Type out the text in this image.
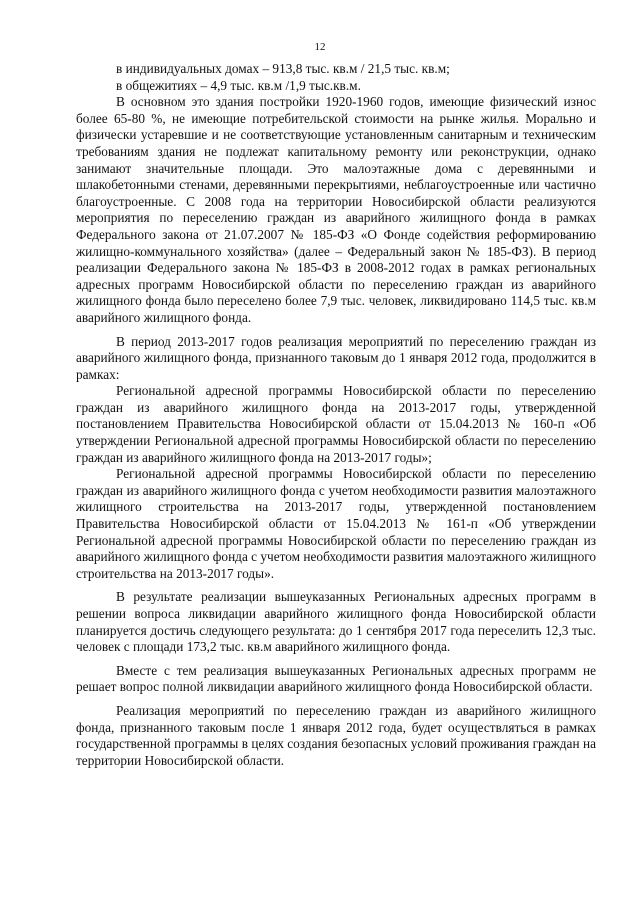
12

в индивидуальных домах – 913,8 тыс. кв.м / 21,5 тыс. кв.м;

в общежитиях – 4,9 тыс. кв.м /1,9 тыс.кв.м.

В основном это здания постройки 1920-1960 годов, имеющие физический износ более 65-80 %, не имеющие потребительской стоимости на рынке жилья. Морально и физически устаревшие и не соответствующие установленным санитарным и техническим требованиям здания не подлежат капитальному ремонту или реконструкции, однако занимают значительные площади. Это малоэтажные дома с деревянными и шлакобетонными стенами, деревянными перекрытиями, неблагоустроенные или частично благоустроенные. С 2008 года на территории Новосибирской области реализуются мероприятия по переселению граждан из аварийного жилищного фонда в рамках Федерального закона от 21.07.2007 № 185-ФЗ «О Фонде содействия реформированию жилищно-коммунального хозяйства» (далее – Федеральный закон № 185-ФЗ). В период реализации Федерального закона № 185-ФЗ в 2008-2012 годах в рамках региональных адресных программ Новосибирской области по переселению граждан из аварийного жилищного фонда было переселено более 7,9 тыс. человек, ликвидировано 114,5 тыс. кв.м аварийного жилищного фонда.

В период 2013-2017 годов реализация мероприятий по переселению граждан из аварийного жилищного фонда, признанного таковым до 1 января 2012 года, продолжится в рамках:

Региональной адресной программы Новосибирской области по переселению граждан из аварийного жилищного фонда на 2013-2017 годы, утвержденной постановлением Правительства Новосибирской области от 15.04.2013 № 160-п «Об утверждении Региональной адресной программы Новосибирской области по переселению граждан из аварийного жилищного фонда на 2013-2017 годы»;

Региональной адресной программы Новосибирской области по переселению граждан из аварийного жилищного фонда с учетом необходимости развития малоэтажного жилищного строительства на 2013-2017 годы, утвержденной постановлением Правительства Новосибирской области от 15.04.2013 № 161-п «Об утверждении Региональной адресной программы Новосибирской области по переселению граждан из аварийного жилищного фонда с учетом необходимости развития малоэтажного жилищного строительства на 2013-2017 годы».

В результате реализации вышеуказанных Региональных адресных программ в решении вопроса ликвидации аварийного жилищного фонда Новосибирской области планируется достичь следующего результата: до 1 сентября 2017 года переселить 12,3 тыс. человек с площади 173,2 тыс. кв.м аварийного жилищного фонда.

Вместе с тем реализация вышеуказанных Региональных адресных программ не решает вопрос полной ликвидации аварийного жилищного фонда Новосибирской области.

Реализация мероприятий по переселению граждан из аварийного жилищного фонда, признанного таковым после 1 января 2012 года, будет осуществляться в рамках государственной программы в целях создания безопасных условий проживания граждан на территории Новосибирской области.
